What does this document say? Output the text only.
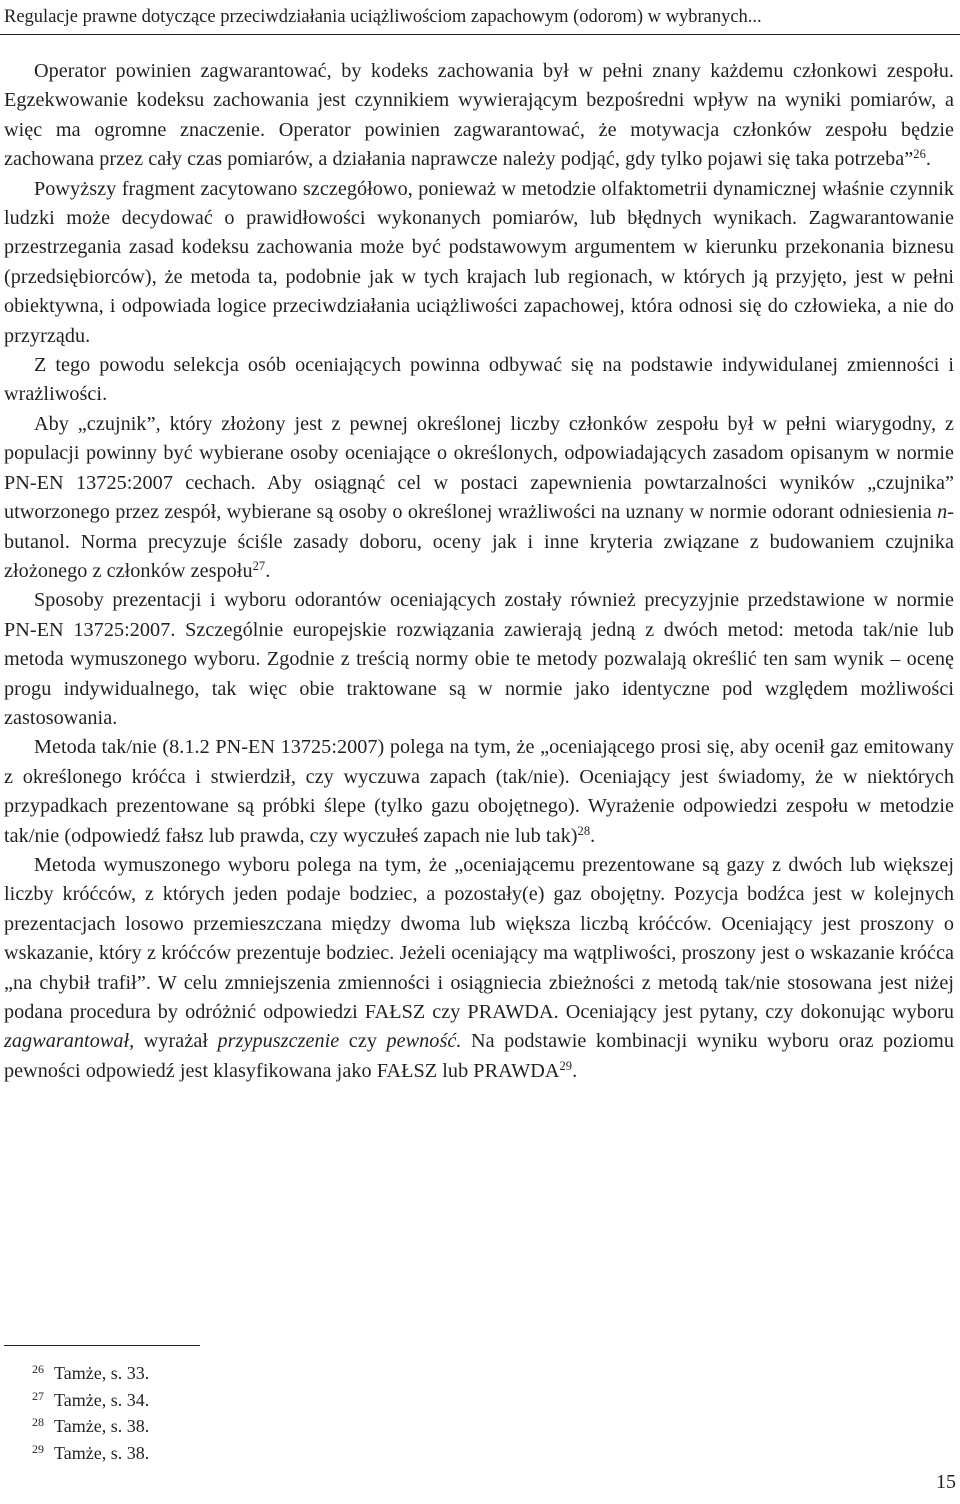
Regulacje prawne dotyczące przeciwdziałania uciążliwościom zapachowym (odorom) w wybranych...

Operator powinien zagwarantować, by kodeks zachowania był w pełni znany każdemu członkowi zespołu. Egzekwowanie kodeksu zachowania jest czynnikiem wywierającym bezpośredni wpływ na wyniki pomiarów, a więc ma ogromne znaczenie. Operator powinien zagwarantować, że motywacja członków zespołu będzie zachowana przez cały czas pomiarów, a działania naprawcze należy podjąć, gdy tylko pojawi się taka potrzeba”$^{26}$.

Powyższy fragment zacytowano szczegółowo, ponieważ w metodzie olfaktometrii dynamicznej właśnie czynnik ludzki może decydować o prawidłowości wykonanych pomiarów, lub błędnych wynikach. Zagwarantowanie przestrzegania zasad kodeksu zachowania może być podstawowym argumentem w kierunku przekonania biznesu (przedsiębiorców), że metoda ta, podobnie jak w tych krajach lub regionach, w których ją przyjęto, jest w pełni obiektywna, i odpowiada logice przeciwdziałania uciążliwości zapachowej, która odnosi się do człowieka, a nie do przyrządu.

Z tego powodu selekcja osób oceniających powinna odbywać się na podstawie indywidulanej zmienności i wrażliwości.

Aby „czujnik”, który złożony jest z pewnej określonej liczby członków zespołu był w pełni wiarygodny, z populacji powinny być wybierane osoby oceniające o określonych, odpowiadających zasadom opisanym w normie PN-EN 13725:2007 cechach. Aby osiągnąć cel w postaci zapewnienia powtarzalności wyników „czujnika” utworzonego przez zespół, wybierane są osoby o określonej wrażliwości na uznany w normie odorant odniesienia n-butanol. Norma precyzuje ściśle zasady doboru, oceny jak i inne kryteria związane z budowaniem czujnika złożonego z członków zespołu$^{27}$.

Sposoby prezentacji i wyboru odorantów oceniających zostały również precyzyjnie przedstawione w normie PN-EN 13725:2007. Szczególnie europejskie rozwiązania zawierają jedną z dwóch metod: metoda tak/nie lub metoda wymuszonego wyboru. Zgodnie z treścią normy obie te metody pozwalają określić ten sam wynik – ocenę progu indywidualnego, tak więc obie traktowane są w normie jako identyczne pod względem możliwości zastosowania.

Metoda tak/nie (8.1.2 PN-EN 13725:2007) polega na tym, że „oceniającego prosi się, aby ocenił gaz emitowany z określonego króćca i stwierdził, czy wyczuwa zapach (tak/nie). Oceniający jest świadomy, że w niektórych przypadkach prezentowane są próbki ślepe (tylko gazu obojętnego). Wyrażenie odpowiedzi zespołu w metodzie tak/nie (odpowiedź fałsz lub prawda, czy wyczułeś zapach nie lub tak)$^{28}$.

Metoda wymuszonego wyboru polega na tym, że „oceniającemu prezentowane są gazy z dwóch lub większej liczby króćców, z których jeden podaje bodziec, a pozostały(e) gaz obojętny. Pozycja bodźca jest w kolejnych prezentacjach losowo przemieszczana między dwoma lub większa liczbą króćców. Oceniający jest proszony o wskazanie, który z króćców prezentuje bodziec. Jeżeli oceniający ma wątpliwości, proszony jest o wskazanie króćca „na chybił trafił”. W celu zmniejszenia zmienności i osiągniecia zbieżności z metodą tak/nie stosowana jest niżej podana procedura by odróżnić odpowiedzi FAŁSZ czy PRAWDA. Oceniający jest pytany, czy dokonując wyboru zagwarantował, wyrażał przypuszczenie czy pewność. Na podstawie kombinacji wyniku wyboru oraz poziomu pewności odpowiedź jest klasyfikowana jako FAŁSZ lub PRAWDA$^{29}$.

26 Tamże, s. 33.
27 Tamże, s. 34.
28 Tamże, s. 38.
29 Tamże, s. 38.
15
